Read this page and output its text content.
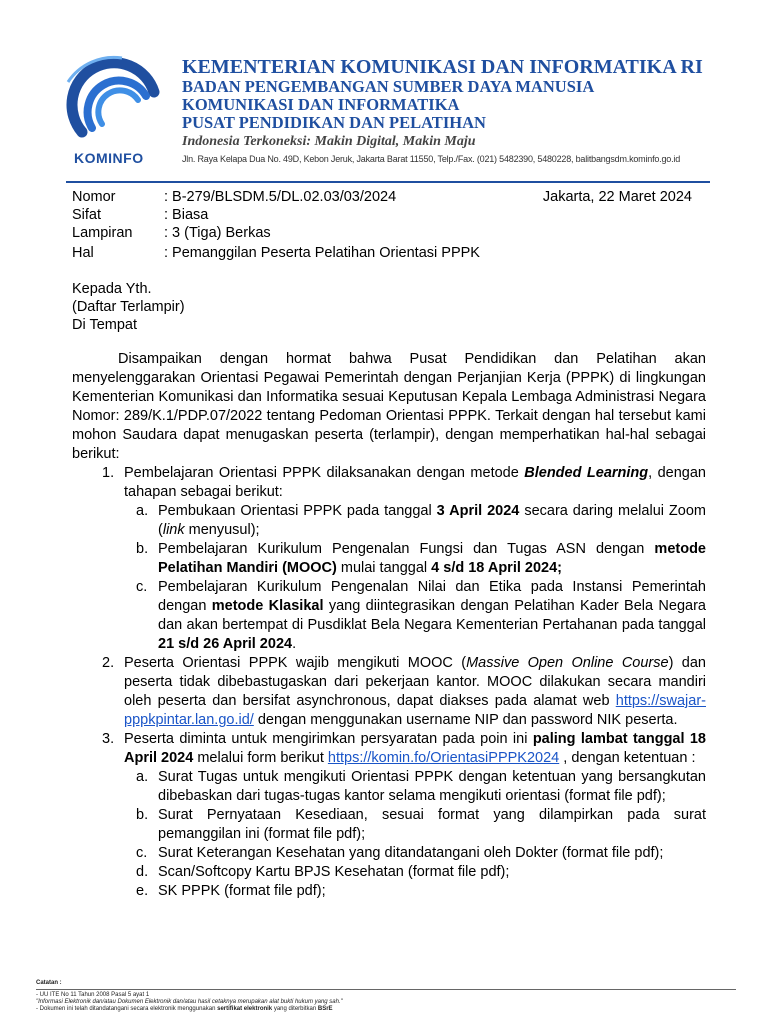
KOMINFO
KEMENTERIAN KOMUNIKASI DAN INFORMATIKA RI
BADAN PENGEMBANGAN SUMBER DAYA MANUSIA
KOMUNIKASI DAN INFORMATIKA
PUSAT PENDIDIKAN DAN PELATIHAN
Indonesia Terkoneksi: Makin Digital, Makin Maju
Jln. Raya Kelapa Dua No. 49D, Kebon Jeruk, Jakarta Barat 11550, Telp./Fax. (021) 5482390, 5480228, balitbangsdm.kominfo.go.id
Nomor	: B-279/BLSDM.5/DL.02.03/03/2024	Jakarta, 22 Maret 2024
Sifat	: Biasa
Lampiran : 3 (Tiga) Berkas
Hal	: Pemanggilan Peserta Pelatihan Orientasi PPPK
Kepada Yth.
(Daftar Terlampir)
Di Tempat

Disampaikan dengan hormat bahwa Pusat Pendidikan dan Pelatihan akan menyelenggarakan Orientasi Pegawai Pemerintah dengan Perjanjian Kerja (PPPK) di lingkungan Kementerian Komunikasi dan Informatika sesuai Keputusan Kepala Lembaga Administrasi Negara Nomor: 289/K.1/PDP.07/2022 tentang Pedoman Orientasi PPPK. Terkait dengan hal tersebut kami mohon Saudara dapat menugaskan peserta (terlampir), dengan memperhatikan hal-hal sebagai berikut:

1. Pembelajaran Orientasi PPPK dilaksanakan dengan metode Blended Learning, dengan tahapan sebagai berikut:
a. Pembukaan Orientasi PPPK pada tanggal 3 April 2024 secara daring melalui Zoom (link menyusul);
b. Pembelajaran Kurikulum Pengenalan Fungsi dan Tugas ASN dengan metode Pelatihan Mandiri (MOOC) mulai tanggal 4 s/d 18 April 2024;
c. Pembelajaran Kurikulum Pengenalan Nilai dan Etika pada Instansi Pemerintah dengan metode Klasikal yang diintegrasikan dengan Pelatihan Kader Bela Negara dan akan bertempat di Pusdiklat Bela Negara Kementerian Pertahanan pada tanggal 21 s/d 26 April 2024.
2. Peserta Orientasi PPPK wajib mengikuti MOOC (Massive Open Online Course) dan peserta tidak dibebastugaskan dari pekerjaan kantor. MOOC dilakukan secara mandiri oleh peserta dan bersifat asynchronous, dapat diakses pada alamat web https://swajar-pppkpintar.lan.go.id/ dengan menggunakan username NIP dan password NIK peserta.
3. Peserta diminta untuk mengirimkan persyaratan pada poin ini paling lambat tanggal 18 April 2024 melalui form berikut https://komin.fo/OrientasiPPPK2024 , dengan ketentuan :
a. Surat Tugas untuk mengikuti Orientasi PPPK dengan ketentuan yang bersangkutan dibebaskan dari tugas-tugas kantor selama mengikuti orientasi (format file pdf);
b. Surat Pernyataan Kesediaan, sesuai format yang dilampirkan pada surat pemanggilan ini (format file pdf);
c. Surat Keterangan Kesehatan yang ditandatangani oleh Dokter (format file pdf);
d. Scan/Softcopy Kartu BPJS Kesehatan (format file pdf);
e. SK PPPK (format file pdf);
Catatan :
- UU ITE No 11 Tahun 2008 Pasal 5 ayat 1
"Informasi Elektronik dan/atau Dokumen Elektronik dan/atau hasil cetaknya merupakan alat bukti hukum yang sah."
- Dokumen ini telah ditandatangani secara elektronik menggunakan sertifikat elektronik yang diterbitkan BSrE
